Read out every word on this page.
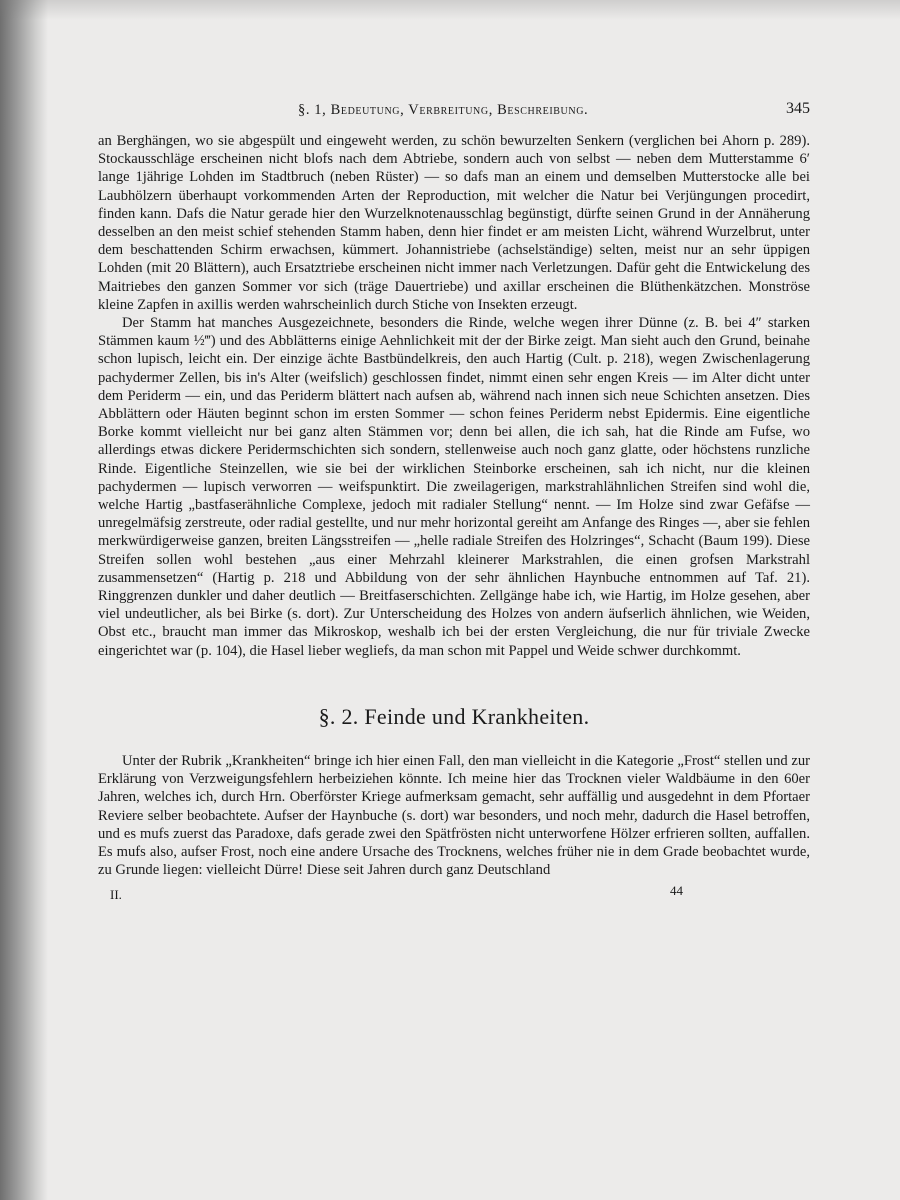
§. 1, Bedeutung, Verbreitung, Beschreibung.	345

an Berghängen, wo sie abgespült und eingeweht werden, zu schön bewurzelten Senkern (verglichen bei Ahorn p. 289). Stockausschläge erscheinen nicht blofs nach dem Abtriebe, sondern auch von selbst — neben dem Mutterstamme 6′ lange 1jährige Lohden im Stadtbruch (neben Rüster) — so dafs man an einem und demselben Mutterstocke alle bei Laubhölzern überhaupt vorkommenden Arten der Reproduction, mit welcher die Natur bei Verjüngungen procedirt, finden kann. Dafs die Natur gerade hier den Wurzelknotenausschlag begünstigt, dürfte seinen Grund in der Annäherung desselben an den meist schief stehenden Stamm haben, denn hier findet er am meisten Licht, während Wurzelbrut, unter dem beschattenden Schirm erwachsen, kümmert. Johannistriebe (achselständige) selten, meist nur an sehr üppigen Lohden (mit 20 Blättern), auch Ersatztriebe erscheinen nicht immer nach Verletzungen. Dafür geht die Entwickelung des Maitriebes den ganzen Sommer vor sich (träge Dauertriebe) und axillar erscheinen die Blüthenkätzchen. Monströse kleine Zapfen in axillis werden wahrscheinlich durch Stiche von Insekten erzeugt.

Der Stamm hat manches Ausgezeichnete, besonders die Rinde, welche wegen ihrer Dünne (z. B. bei 4″ starken Stämmen kaum ½‴) und des Abblätterns einige Aehnlichkeit mit der der Birke zeigt. Man sieht auch den Grund, beinahe schon lupisch, leicht ein. Der einzige ächte Bastbündelkreis, den auch Hartig (Cult. p. 218), wegen Zwischenlagerung pachydermer Zellen, bis in's Alter (weifslich) geschlossen findet, nimmt einen sehr engen Kreis — im Alter dicht unter dem Periderm — ein, und das Periderm blättert nach aufsen ab, während nach innen sich neue Schichten ansetzen. Dies Abblättern oder Häuten beginnt schon im ersten Sommer — schon feines Periderm nebst Epidermis. Eine eigentliche Borke kommt vielleicht nur bei ganz alten Stämmen vor; denn bei allen, die ich sah, hat die Rinde am Fufse, wo allerdings etwas dickere Peridermschichten sich sondern, stellenweise auch noch ganz glatte, oder höchstens runzliche Rinde. Eigentliche Steinzellen, wie sie bei der wirklichen Steinborke erscheinen, sah ich nicht, nur die kleinen pachydermen — lupisch verworren — weifspunktirt. Die zweilagerigen, markstrahlähnlichen Streifen sind wohl die, welche Hartig „bastfaserähnliche Complexe, jedoch mit radialer Stellung“ nennt. — Im Holze sind zwar Gefäfse — unregelmäfsig zerstreute, oder radial gestellte, und nur mehr horizontal gereiht am Anfange des Ringes —, aber sie fehlen merkwürdigerweise ganzen, breiten Längsstreifen — „helle radiale Streifen des Holzringes“, Schacht (Baum 199). Diese Streifen sollen wohl bestehen „aus einer Mehrzahl kleinerer Markstrahlen, die einen grofsen Markstrahl zusammensetzen“ (Hartig p. 218 und Abbildung von der sehr ähnlichen Haynbuche entnommen auf Taf. 21). Ringgrenzen dunkler und daher deutlich — Breitfaserschichten. Zellgänge habe ich, wie Hartig, im Holze gesehen, aber viel undeutlicher, als bei Birke (s. dort). Zur Unterscheidung des Holzes von andern äufserlich ähnlichen, wie Weiden, Obst etc., braucht man immer das Mikroskop, weshalb ich bei der ersten Vergleichung, die nur für triviale Zwecke eingerichtet war (p. 104), die Hasel lieber wegliefs, da man schon mit Pappel und Weide schwer durchkommt.

§. 2. Feinde und Krankheiten.

Unter der Rubrik „Krankheiten“ bringe ich hier einen Fall, den man vielleicht in die Kategorie „Frost“ stellen und zur Erklärung von Verzweigungsfehlern herbeiziehen könnte. Ich meine hier das Trocknen vieler Waldbäume in den 60er Jahren, welches ich, durch Hrn. Oberförster Kriege aufmerksam gemacht, sehr auffällig und ausgedehnt in dem Pfortaer Reviere selber beobachtete. Aufser der Haynbuche (s. dort) war besonders, und noch mehr, dadurch die Hasel betroffen, und es mufs zuerst das Paradoxe, dafs gerade zwei den Spätfrösten nicht unterworfene Hölzer erfrieren sollten, auffallen. Es mufs also, aufser Frost, noch eine andere Ursache des Trocknens, welches früher nie in dem Grade beobachtet wurde, zu Grunde liegen: vielleicht Dürre! Diese seit Jahren durch ganz Deutschland

II.	44
